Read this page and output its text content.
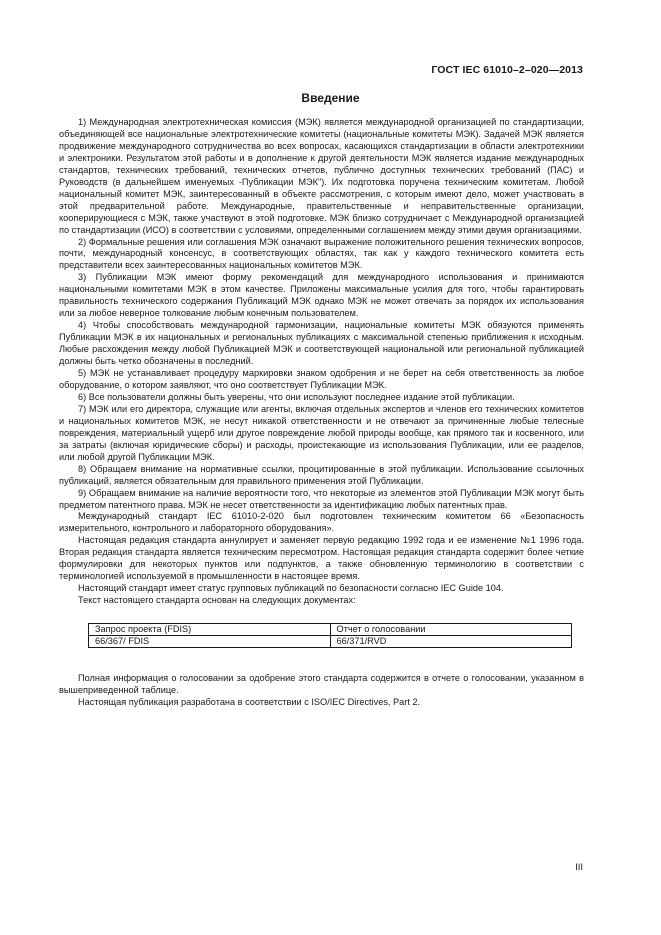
ГОСТ IEC 61010–2–020—2013
Введение

1) Международная электротехническая комиссия (МЭК) является международной организацией по стандартизации, объединяющей все национальные электротехнические комитеты (национальные комитеты МЭК). Задачей МЭК является продвижение международного сотрудничества во всех вопросах, касающихся стандартизации в области электротехники и электроники. Результатом этой работы и в дополнение к другой деятельности МЭК является издание международных стандартов, технических требований, технических отчетов, публично доступных технических требований (ПАС) и Руководств (в дальнейшем именуемых -Публикации МЭК"). Их подготовка поручена техническим комитетам. Любой национальный комитет МЭК, заинтересованный в объекте рассмотрения, с которым имеют дело, может участвовать в этой предварительной работе. Международные, правительственные и неправительственные организации, кооперирующиеся с МЭК, также участвуют в этой подготовке. МЭК близко сотрудничает с Международной организацией по стандартизации (ИСО) в соответствии с условиями, определенными соглашением между этими двумя организациями.

2) Формальные решения или соглашения МЭК означают выражение положительного решения технических вопросов, почти, международный консенсус, в соответствующих областях, так как у каждого технического комитета есть представители всех заинтересованных национальных комитетов МЭК.

3) Публикации МЭК имеют форму рекомендаций для международного использования и принимаются национальными комитетами МЭК в этом качестве. Приложены максимальные усилия для того, чтобы гарантировать правильность технического содержания Публикаций МЭК однако МЭК не может отвечать за порядок их использования или за любое неверное толкование любым конечным пользователем.

4) Чтобы способствовать международной гармонизации, национальные комитеты МЭК обязуются применять Публикации МЭК в их национальных и региональных публикациях с максимальной степенью приближения к исходным. Любые расхождения между любой Публикацией МЭК и соответствующей национальной или региональной публикацией должны быть четко обозначены в последний.

5) МЭК не устанавливает процедуру маркировки знаком одобрения и не берет на себя ответственность за любое оборудование, о котором заявляют, что оно соответствует Публикации МЭК.

6) Все пользователи должны быть уверены, что они используют последнее издание этой публикации.

7) МЭК или его директора, служащие или агенты, включая отдельных экспертов и членов его технических комитетов и национальных комитетов МЭК, не несут никакой ответственности и не отвечают за причиненные любые телесные повреждения, материальный ущерб или другое повреждение любой природы вообще, как прямого так и косвенного, или за затраты (включая юридические сборы) и расходы, проистекающие из использования Публикации, или ее разделов, или любой другой Публикации МЭК.

8) Обращаем внимание на нормативные ссылки, процитированные в этой публикации. Использование ссылочных публикаций, является обязательным для правильного применения этой Публикации.

9) Обращаем внимание на наличие вероятности того, что некоторые из элементов этой Публикации МЭК могут быть предметом патентного права. МЭК не несет ответственности за идентификацию любых патентных прав.

Международный стандарт IEC 61010-2-020 был подготовлен техническим комитетом 66 «Безопасность измерительного, контрольного и лабораторного оборудования».

Настоящая редакция стандарта аннулирует и заменяет первую редакцию 1992 года и ее изменение №1 1996 года. Вторая редакция стандарта является техническим пересмотром. Настоящая редакция стандарта содержит более четкие формулировки для некоторых пунктов или подпунктов, а также обновленную терминологию в соответствии с терминологией используемой в промышленности в настоящее время.

Настоящий стандарт имеет статус групповых публикаций по безопасности согласно IEC Guide 104.

Текст настоящего стандарта основан на следующих документах:

Запрос проекта (FDIS)	Отчет о голосовании
66/367/ FDIS	66/371/RVD

Полная информация о голосовании за одобрение этого стандарта содержится в отчете о голосовании, указанном в вышеприведенной таблице.

Настоящая публикация разработана в соответствии с ISO/IEC Directives, Part 2.

III
